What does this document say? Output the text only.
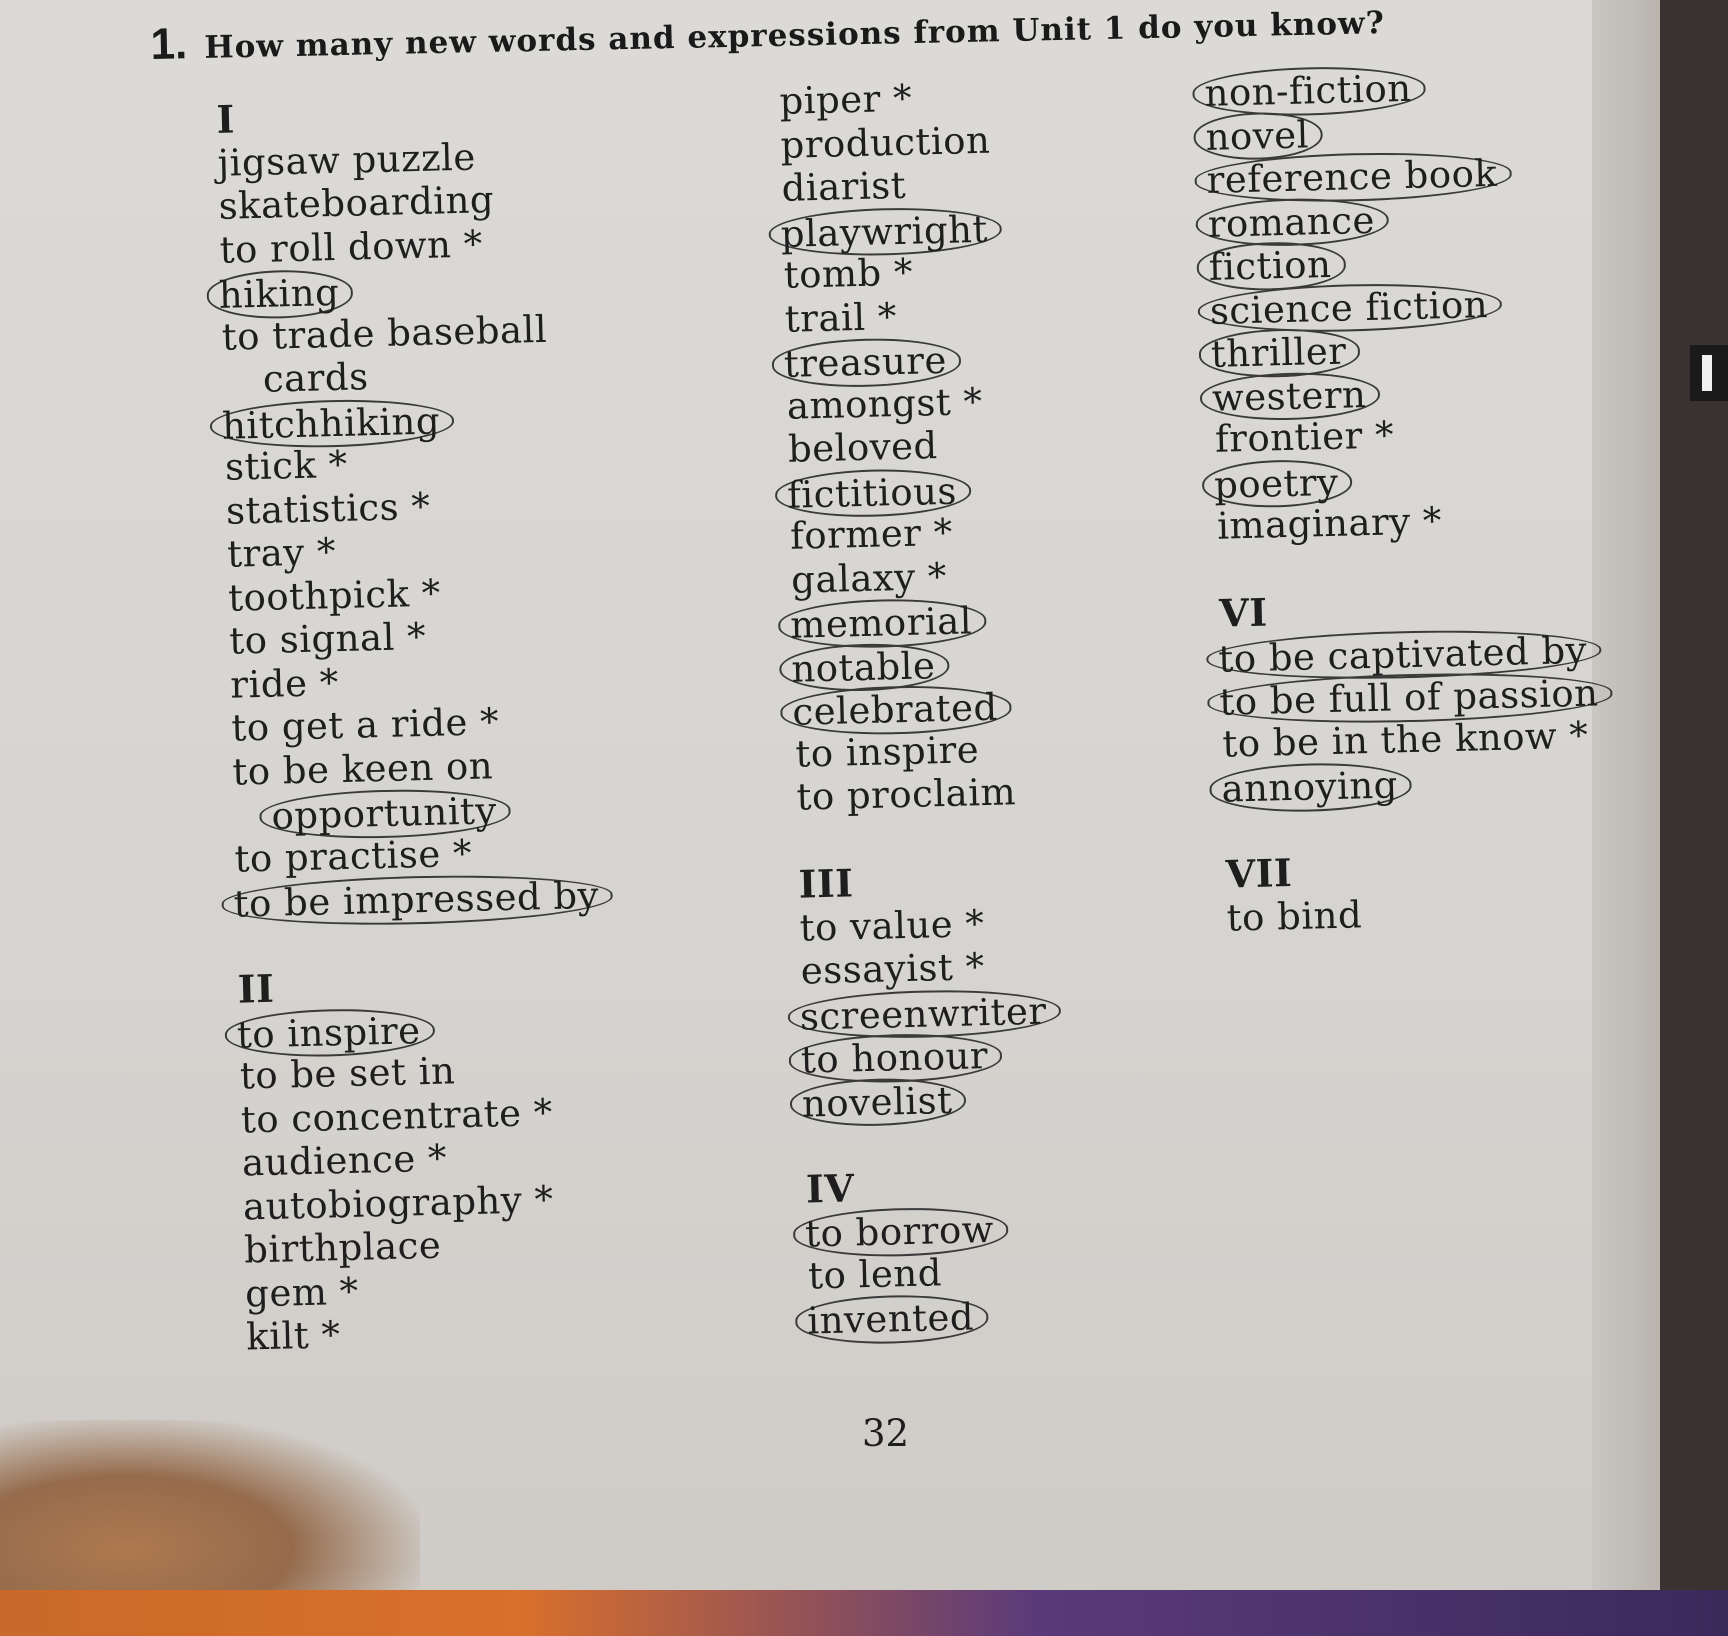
1. How many new words and expressions from Unit 1 do you know?
I
jigsaw puzzle
skateboarding
to roll down *
hiking
to trade baseball
cards
hitchhiking
stick *
statistics *
tray *
toothpick *
to signal *
ride *
to get a ride *
to be keen on
opportunity
to practise *
to be impressed by
II
to inspire
to be set in
to concentrate *
audience *
autobiography *
birthplace
gem *
kilt *
piper *
production
diarist
playwright
tomb *
trail *
treasure
amongst *
beloved
fictitious
former *
galaxy *
memorial
notable
celebrated
to inspire
to proclaim
III
to value *
essayist *
screenwriter
to honour
novelist
IV
to borrow
to lend
invented
non-fiction
novel
reference book
romance
fiction
science fiction
thriller
western
frontier *
poetry
imaginary *
VI
to be captivated by
to be full of passion
to be in the know *
annoying
VII
to bind
32
